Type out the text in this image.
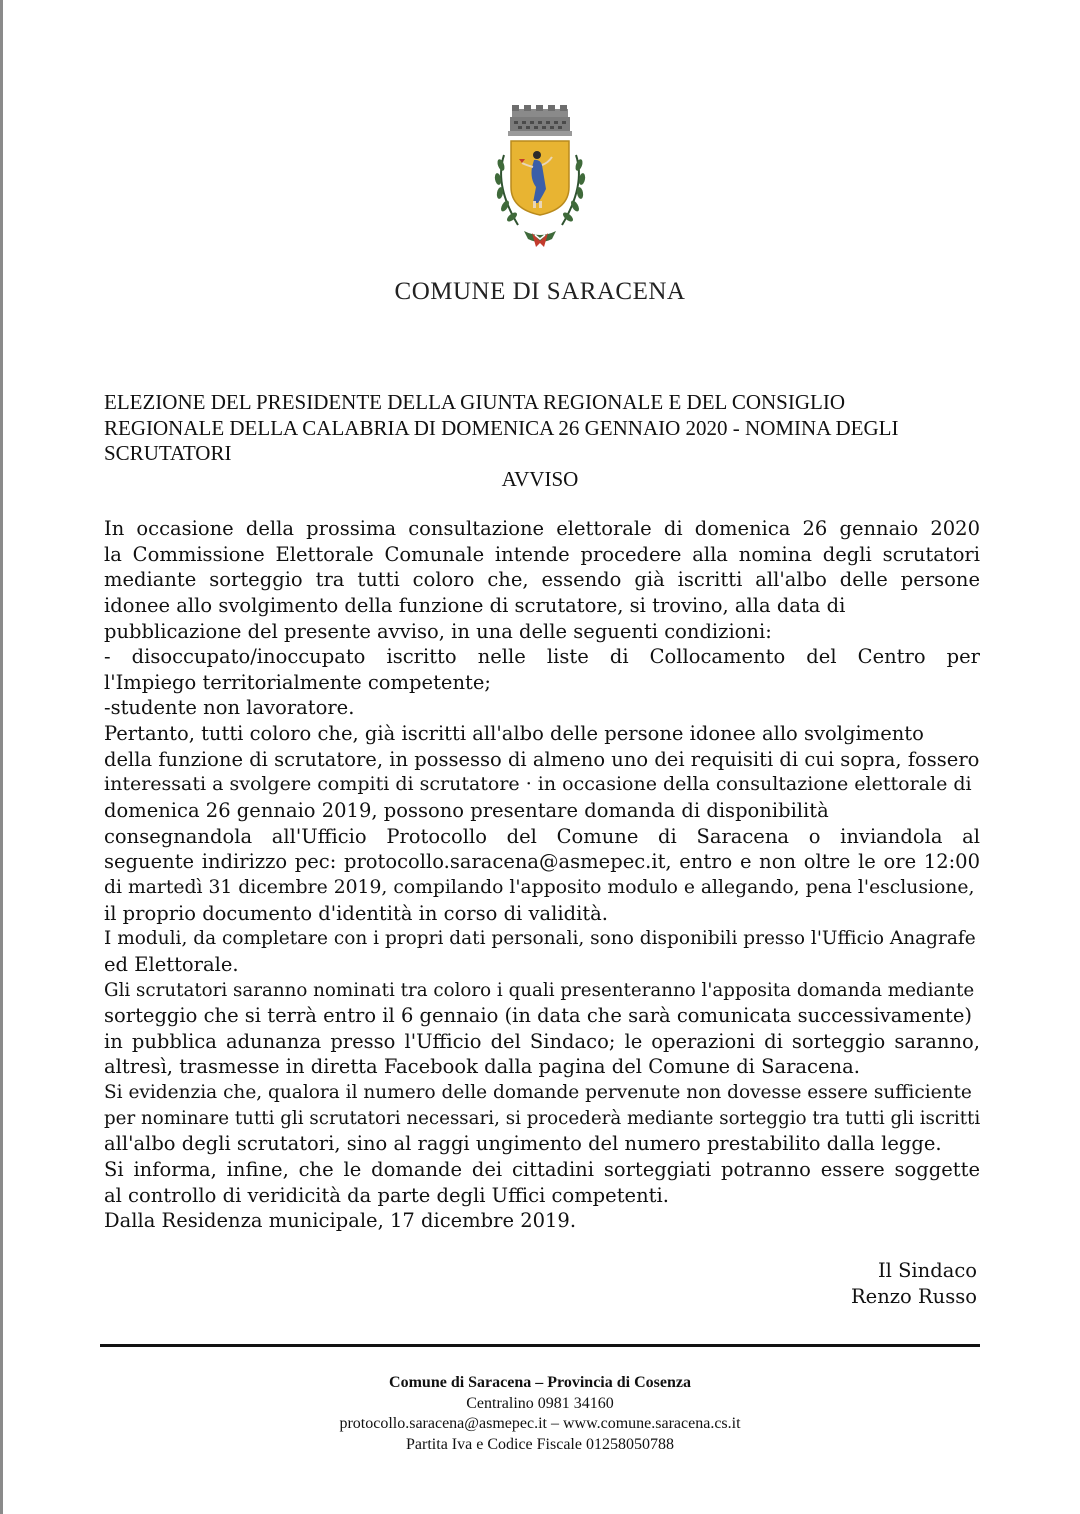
COMUNE DI SARACENA
ELEZIONE DEL PRESIDENTE DELLA GIUNTA REGIONALE E DEL CONSIGLIO
REGIONALE DELLA CALABRIA DI DOMENICA 26 GENNAIO 2020 - NOMINA DEGLI
SCRUTATORI
AVVISO
In occasione della prossima consultazione elettorale di domenica 26 gennaio 2020
la Commissione Elettorale Comunale intende procedere alla nomina degli scrutatori
mediante sorteggio tra tutti coloro che, essendo già iscritti all'albo delle persone
idonee allo svolgimento della funzione di scrutatore, si trovino, alla data di
pubblicazione del presente avviso, in una delle seguenti condizioni:
- disoccupato/inoccupato iscritto nelle liste di Collocamento del Centro per
l'Impiego territorialmente competente;
-studente non lavoratore.
Pertanto, tutti coloro che, già iscritti all'albo delle persone idonee allo svolgimento
della funzione di scrutatore, in possesso di almeno uno dei requisiti di cui sopra, fossero
interessati a svolgere compiti di scrutatore · in occasione della consultazione elettorale di
domenica 26 gennaio 2019, possono presentare domanda di disponibilità
consegnandola all'Ufficio Protocollo del Comune di Saracena o inviandola al
seguente indirizzo pec: protocollo.saracena@asmepec.it, entro e non oltre le ore 12:00
di martedì 31 dicembre 2019, compilando l'apposito modulo e allegando, pena l'esclusione,
il proprio documento d'identità in corso di validità.
I moduli, da completare con i propri dati personali, sono disponibili presso l'Ufficio Anagrafe
ed Elettorale.
Gli scrutatori saranno nominati tra coloro i quali presenteranno l'apposita domanda mediante
sorteggio che si terrà entro il 6 gennaio (in data che sarà comunicata successivamente)
in pubblica adunanza presso l'Ufficio del Sindaco; le operazioni di sorteggio saranno,
altresì, trasmesse in diretta Facebook dalla pagina del Comune di Saracena.
Si evidenzia che, qualora il numero delle domande pervenute non dovesse essere sufficiente
per nominare tutti gli scrutatori necessari, si procederà mediante sorteggio tra tutti gli iscritti
all'albo degli scrutatori, sino al raggi ungimento del numero prestabilito dalla legge.
Si informa, infine, che le domande dei cittadini sorteggiati potranno essere soggette
al controllo di veridicità da parte degli Uffici competenti.
Dalla Residenza municipale, 17 dicembre 2019.
Il Sindaco
Renzo Russo
Comune di Saracena – Provincia di Cosenza
Centralino 0981 34160
protocollo.saracena@asmepec.it – www.comune.saracena.cs.it
Partita Iva e Codice Fiscale 01258050788
